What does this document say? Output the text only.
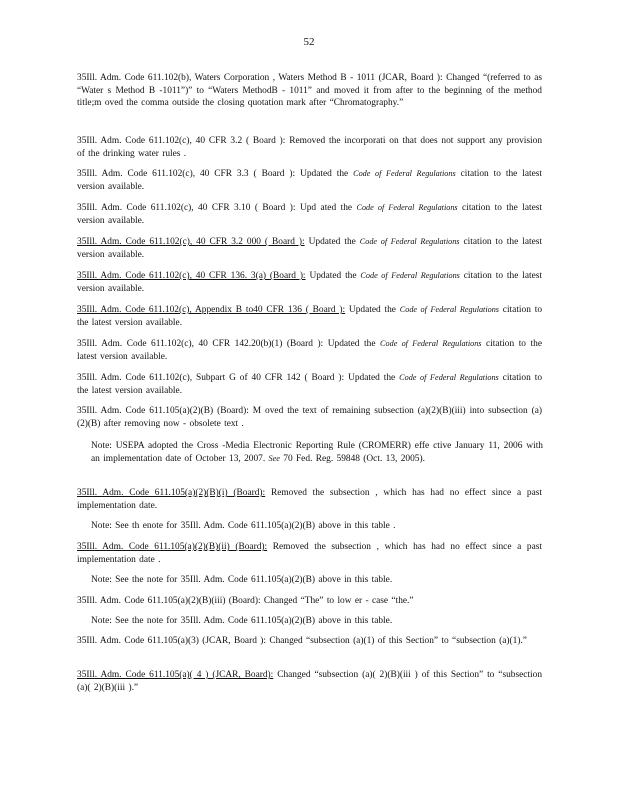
52
35Ill. Adm. Code 611.102(b), Waters Corporation , Waters Method B - 1011 (JCAR, Board ): Changed “(referred to as “Water s Method B -1011”)” to “Waters MethodB - 1011” and moved it from after to the beginning of the method title;m oved the comma outside the closing quotation mark after “Chromatography.”
35Ill. Adm. Code 611.102(c), 40 CFR 3.2 ( Board ): Removed the incorporati on that does not support any provision of the drinking water rules .
35Ill. Adm. Code 611.102(c), 40 CFR 3.3 ( Board ): Updated the Code of Federal Regulations citation to the latest version available.
35Ill. Adm. Code 611.102(c), 40 CFR 3.10 ( Board ): Upd ated the Code of Federal Regulations citation to the latest version available.
35Ill. Adm. Code 611.102(c), 40 CFR 3.2 000 ( Board ): Updated the Code of Federal Regulations citation to the latest version available.
35Ill. Adm. Code 611.102(c), 40 CFR 136. 3(a) (Board ): Updated the Code of Federal Regulations citation to the latest version available.
35Ill. Adm. Code 611.102(c), Appendix B to40 CFR 136 ( Board ): Updated the Code of Federal Regulations citation to the latest version available.
35Ill. Adm. Code 611.102(c), 40 CFR 142.20(b)(1) (Board ): Updated the Code of Federal Regulations citation to the latest version available.
35Ill. Adm. Code 611.102(c), Subpart G of 40 CFR 142 ( Board ): Updated the Code of Federal Regulations citation to the latest version available.
35Ill. Adm. Code 611.105(a)(2)(B) (Board): M oved the text of remaining subsection (a)(2)(B)(iii) into subsection (a)(2)(B) after removing now - obsolete text .
Note: USEPA adopted the Cross -Media Electronic Reporting Rule (CROMERR) effe ctive January 11, 2006 with an implementation date of October 13, 2007. See 70 Fed. Reg. 59848 (Oct. 13, 2005).
35Ill. Adm. Code 611.105(a)(2)(B)(i) (Board): Removed the subsection , which has had no effect since a past implementation date.
Note: See th enote for 35Ill. Adm. Code 611.105(a)(2)(B) above in this table .
35Ill. Adm. Code 611.105(a)(2)(B)(ii) (Board): Removed the subsection , which has had no effect since a past implementation date .
Note: See the note for 35Ill. Adm. Code 611.105(a)(2)(B) above in this table.
35Ill. Adm. Code 611.105(a)(2)(B)(iii) (Board): Changed “The” to low er - case “the.”
Note: See the note for 35Ill. Adm. Code 611.105(a)(2)(B) above in this table.
35Ill. Adm. Code 611.105(a)(3) (JCAR, Board ): Changed “subsection (a)(1) of this Section” to “subsection (a)(1).”
35Ill. Adm. Code 611.105(a)( 4 ) (JCAR, Board): Changed “subsection (a)( 2)(B)(iii ) of this Section” to “subsection (a)( 2)(B)(iii ).”
